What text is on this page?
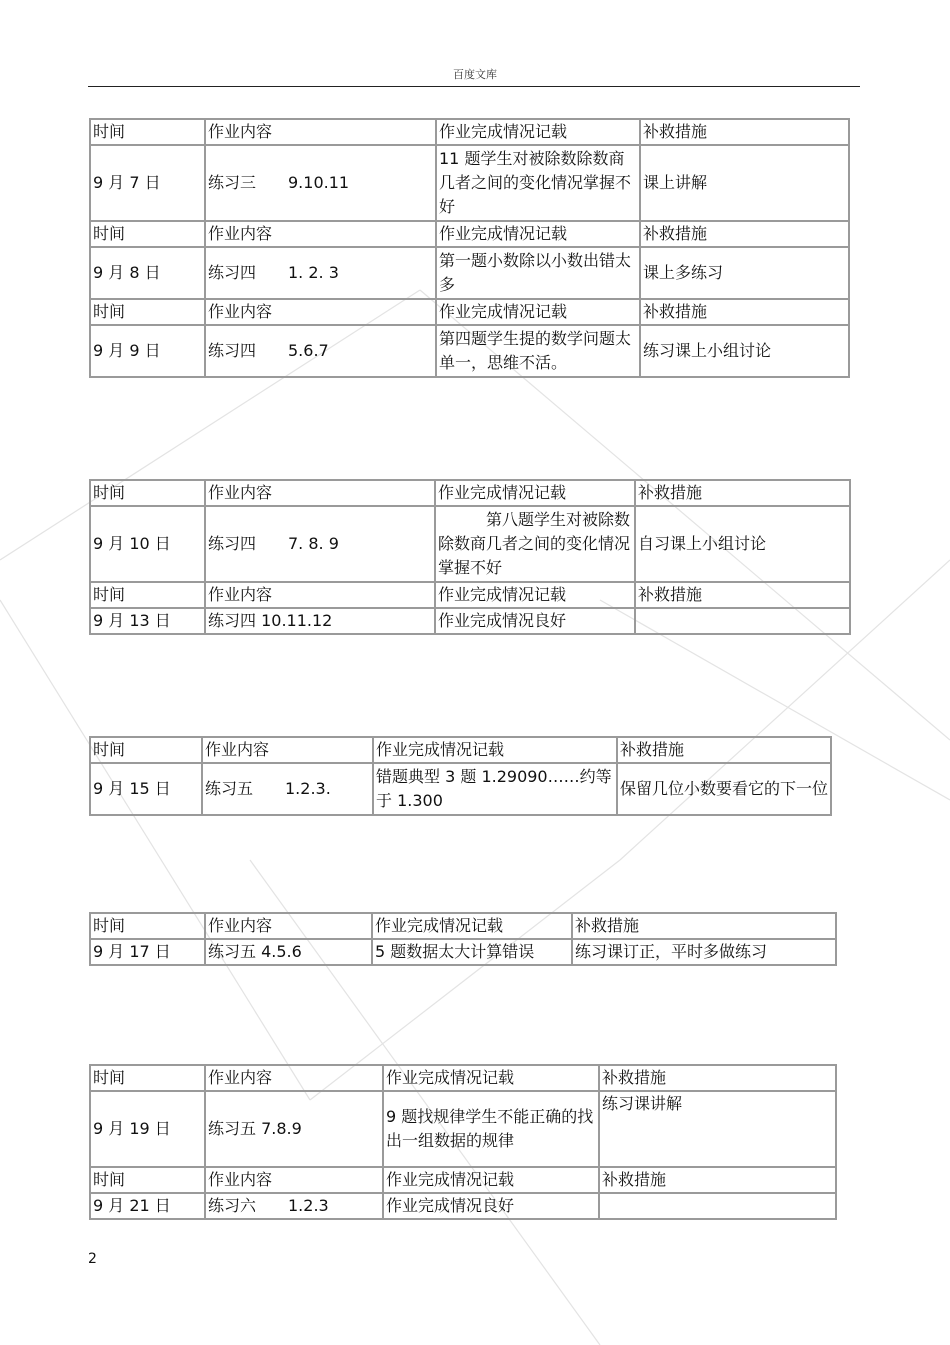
百度文库
时间	作业内容	作业完成情况记载	补救措施
9 月 7 日	练习三　　9.10.11	11 题学生对被除数除数商几者之间的变化情况掌握不好	课上讲解
时间	作业内容	作业完成情况记载	补救措施
9 月 8 日	练习四　　1. 2. 3	第一题小数除以小数出错太多	课上多练习
时间	作业内容	作业完成情况记载	补救措施
9 月 9 日	练习四　　5.6.7	第四题学生提的数学问题太单一，思维不活。	练习课上小组讨论
时间	作业内容	作业完成情况记载	补救措施
9 月 10 日	练习四　　7. 8. 9	第八题学生对被除数除数商几者之间的变化情况掌握不好	自习课上小组讨论
时间	作业内容	作业完成情况记载	补救措施
9 月 13 日	练习四 10.11.12	作业完成情况良好	
时间	作业内容	作业完成情况记载	补救措施
9 月 15 日	练习五　　1.2.3.	错题典型 3 题 1.29090……约等于 1.300	保留几位小数要看它的下一位
时间	作业内容	作业完成情况记载	补救措施
9 月 17 日	练习五 4.5.6	5 题数据太大计算错误	练习课订正，平时多做练习
时间	作业内容	作业完成情况记载	补救措施
9 月 19 日	练习五 7.8.9	9 题找规律学生不能正确的找出一组数据的规律	练习课讲解
时间	作业内容	作业完成情况记载	补救措施
9 月 21 日	练习六　　1.2.3	作业完成情况良好	
2
